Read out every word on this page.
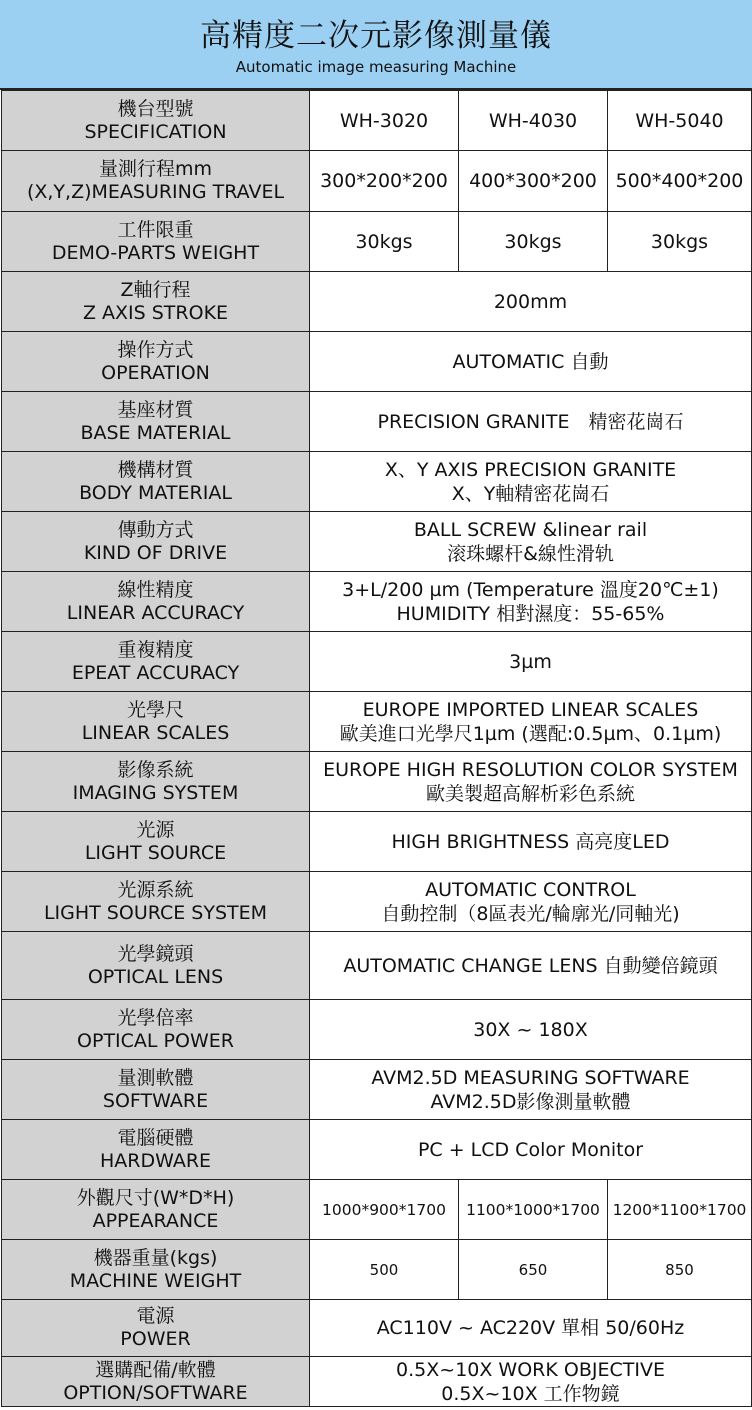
高精度二次元影像測量儀
Automatic image measuring Machine
機台型號
SPECIFICATION	WH-3020	WH-4030	WH-5040

量測行程mm
(X,Y,Z)MEASURING TRAVEL	300*200*200	400*300*200	500*400*200

工件限重
DEMO-PARTS WEIGHT	30kgs	30kgs	30kgs

Z軸行程
Z AXIS STROKE	200mm		

操作方式
OPERATION	AUTOMATIC 自動		

基座材質
BASE MATERIAL	PRECISION GRANITE　精密花崗石		

機構材質
BODY MATERIAL	X、Y AXIS PRECISION GRANITE
X、Y軸精密花崗石		

傳動方式
KIND OF DRIVE	BALL SCREW &linear rail
滚珠螺杆&線性滑轨		

線性精度
LINEAR ACCURACY	3+L/200 µm (Temperature 溫度20℃±1)
HUMIDITY 相對濕度：55-65%		

重複精度
EPEAT ACCURACY	3µm		

光學尺
LINEAR SCALES	EUROPE IMPORTED LINEAR SCALES
歐美進口光學尺1µm (選配:0.5µm、0.1µm)		

影像系統
IMAGING SYSTEM	EUROPE HIGH RESOLUTION COLOR SYSTEM
歐美製超高解析彩色系統		

光源
LIGHT SOURCE	HIGH BRIGHTNESS 高亮度LED		

光源系統
LIGHT SOURCE SYSTEM	AUTOMATIC CONTROL
自動控制（8區表光/輪廓光/同軸光)		

光學鏡頭
OPTICAL LENS	AUTOMATIC CHANGE LENS 自動變倍鏡頭		

光學倍率
OPTICAL POWER	30X ~ 180X		

量測軟體
SOFTWARE	AVM2.5D MEASURING SOFTWARE
AVM2.5D影像測量軟體		

電腦硬體
HARDWARE	PC + LCD Color Monitor		

外觀尺寸(W*D*H)
APPEARANCE	1000*900*1700	1100*1000*1700	1200*1100*1700

機器重量(kgs)
MACHINE WEIGHT	500	650	850

電源
POWER	AC110V ~ AC220V 單相 50/60Hz		

選購配備/軟體
OPTION/SOFTWARE	0.5X~10X WORK OBJECTIVE
0.5X~10X 工作物鏡		
